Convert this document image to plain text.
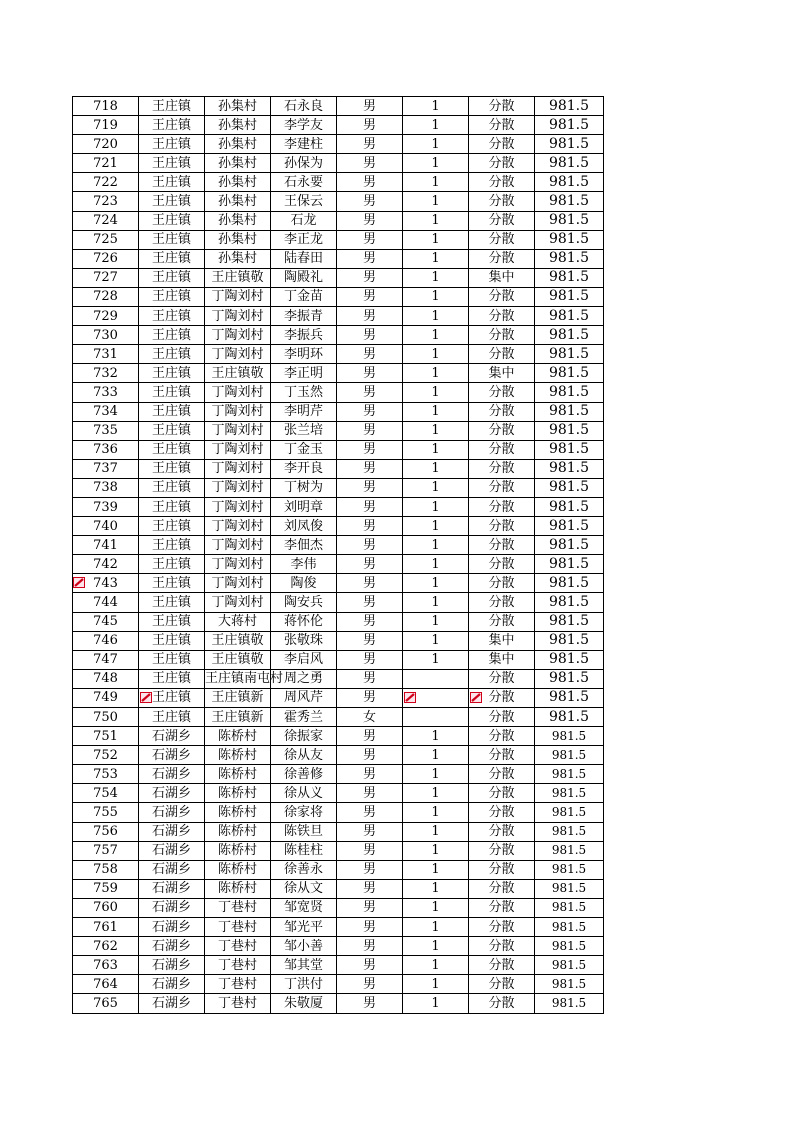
718	王庄镇	孙集村	石永良	男	1	分散	981.5
719	王庄镇	孙集村	李学友	男	1	分散	981.5
720	王庄镇	孙集村	李建柱	男	1	分散	981.5
721	王庄镇	孙集村	孙保为	男	1	分散	981.5
722	王庄镇	孙集村	石永要	男	1	分散	981.5
723	王庄镇	孙集村	王保云	男	1	分散	981.5
724	王庄镇	孙集村	石龙	男	1	分散	981.5
725	王庄镇	孙集村	李正龙	男	1	分散	981.5
726	王庄镇	孙集村	陆春田	男	1	分散	981.5
727	王庄镇	王庄镇敬	陶殿礼	男	1	集中	981.5
728	王庄镇	丁陶刘村	丁金苗	男	1	分散	981.5
729	王庄镇	丁陶刘村	李振青	男	1	分散	981.5
730	王庄镇	丁陶刘村	李振兵	男	1	分散	981.5
731	王庄镇	丁陶刘村	李明环	男	1	分散	981.5
732	王庄镇	王庄镇敬	李正明	男	1	集中	981.5
733	王庄镇	丁陶刘村	丁玉然	男	1	分散	981.5
734	王庄镇	丁陶刘村	李明芹	男	1	分散	981.5
735	王庄镇	丁陶刘村	张兰培	男	1	分散	981.5
736	王庄镇	丁陶刘村	丁金玉	男	1	分散	981.5
737	王庄镇	丁陶刘村	李开良	男	1	分散	981.5
738	王庄镇	丁陶刘村	丁树为	男	1	分散	981.5
739	王庄镇	丁陶刘村	刘明章	男	1	分散	981.5
740	王庄镇	丁陶刘村	刘凤俊	男	1	分散	981.5
741	王庄镇	丁陶刘村	李佃杰	男	1	分散	981.5
742	王庄镇	丁陶刘村	李伟	男	1	分散	981.5
743	王庄镇	丁陶刘村	陶俊	男	1	分散	981.5
744	王庄镇	丁陶刘村	陶安兵	男	1	分散	981.5
745	王庄镇	大蒋村	蒋怀伦	男	1	分散	981.5
746	王庄镇	王庄镇敬	张敬珠	男	1	集中	981.5
747	王庄镇	王庄镇敬	李启风	男	1	集中	981.5
748	王庄镇	王庄镇南屯村	周之勇	男		分散	981.5
749	王庄镇	王庄镇新	周风芹	男		分散	981.5
750	王庄镇	王庄镇新	霍秀兰	女		分散	981.5
751	石湖乡	陈桥村	徐振家	男	1	分散	981.5
752	石湖乡	陈桥村	徐从友	男	1	分散	981.5
753	石湖乡	陈桥村	徐善修	男	1	分散	981.5
754	石湖乡	陈桥村	徐从义	男	1	分散	981.5
755	石湖乡	陈桥村	徐家将	男	1	分散	981.5
756	石湖乡	陈桥村	陈铁旦	男	1	分散	981.5
757	石湖乡	陈桥村	陈桂柱	男	1	分散	981.5
758	石湖乡	陈桥村	徐善永	男	1	分散	981.5
759	石湖乡	陈桥村	徐从文	男	1	分散	981.5
760	石湖乡	丁巷村	邹宽贤	男	1	分散	981.5
761	石湖乡	丁巷村	邹光平	男	1	分散	981.5
762	石湖乡	丁巷村	邹小善	男	1	分散	981.5
763	石湖乡	丁巷村	邹其堂	男	1	分散	981.5
764	石湖乡	丁巷村	丁洪付	男	1	分散	981.5
765	石湖乡	丁巷村	朱敬厦	男	1	分散	981.5
